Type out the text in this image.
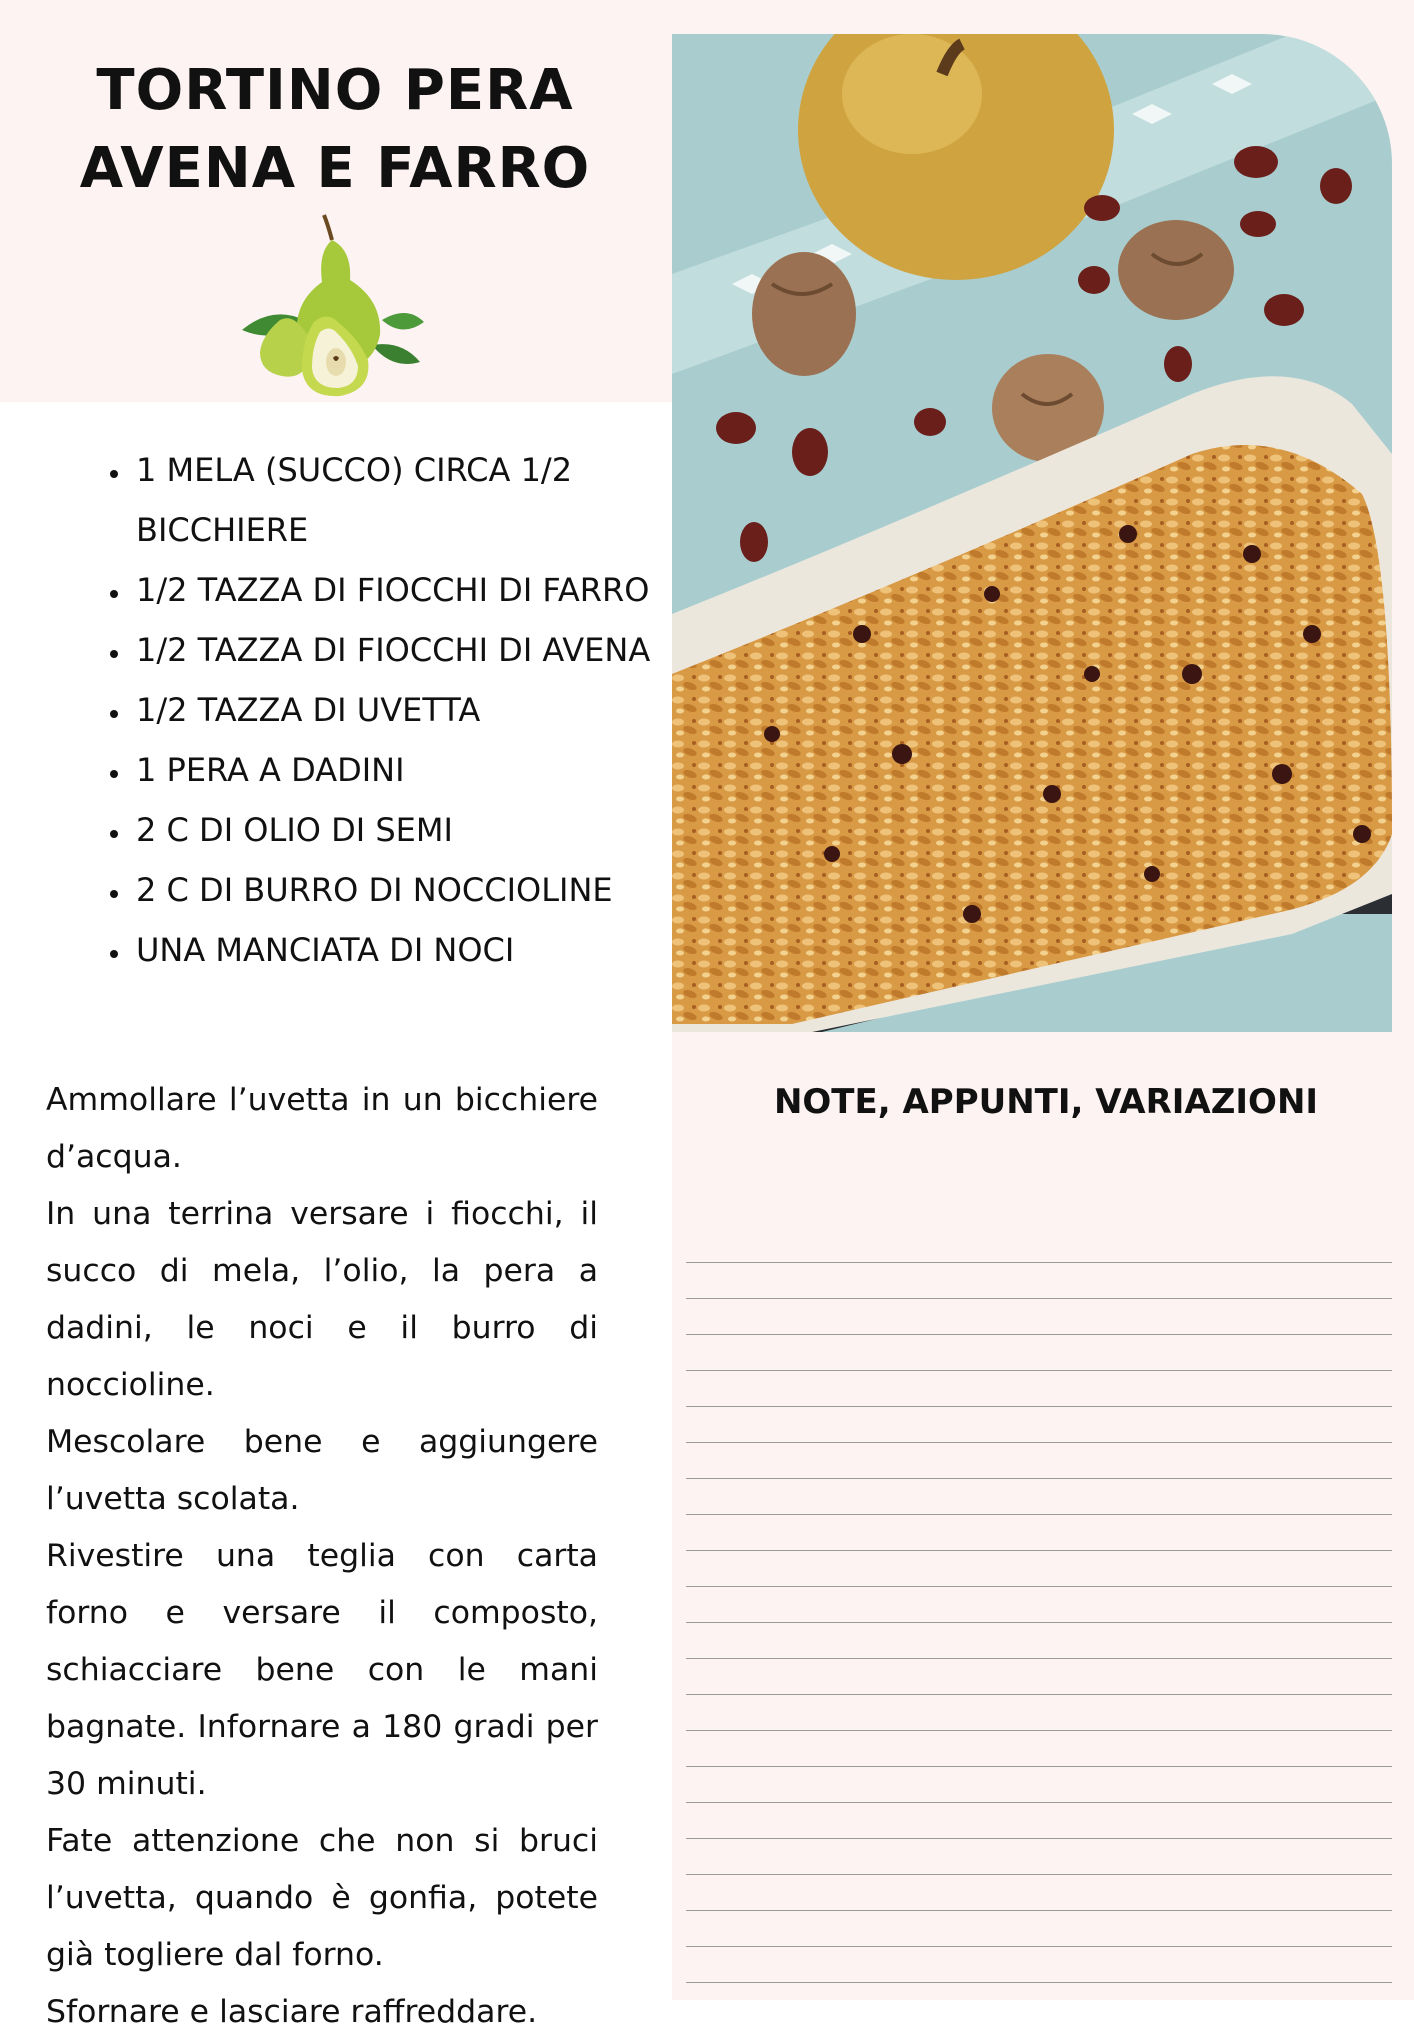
TORTINO PERA
AVENA E FARRO
• 1 MELA (SUCCO) CIRCA 1/2 BICCHIERE
• 1/2 TAZZA DI FIOCCHI DI FARRO
• 1/2 TAZZA DI FIOCCHI DI AVENA
• 1/2 TAZZA DI UVETTA
• 1 PERA A DADINI
• 2 C DI OLIO DI SEMI
• 2 C DI BURRO DI NOCCIOLINE
• UNA MANCIATA DI NOCI

Ammollare l’uvetta in un bicchiere d’acqua.

In una terrina versare i fiocchi, il succo di mela, l’olio, la pera a dadini, le noci e il burro di noccioline.

Mescolare bene e aggiungere l’uvetta scolata.

Rivestire una teglia con carta forno e versare il composto, schiacciare bene con le mani bagnate. Infornare a 180 gradi per 30 minuti.

Fate attenzione che non si bruci l’uvetta, quando è gonfia, potete già togliere dal forno.

Sfornare e lasciare raffreddare.

NOTE, APPUNTI, VARIAZIONI
